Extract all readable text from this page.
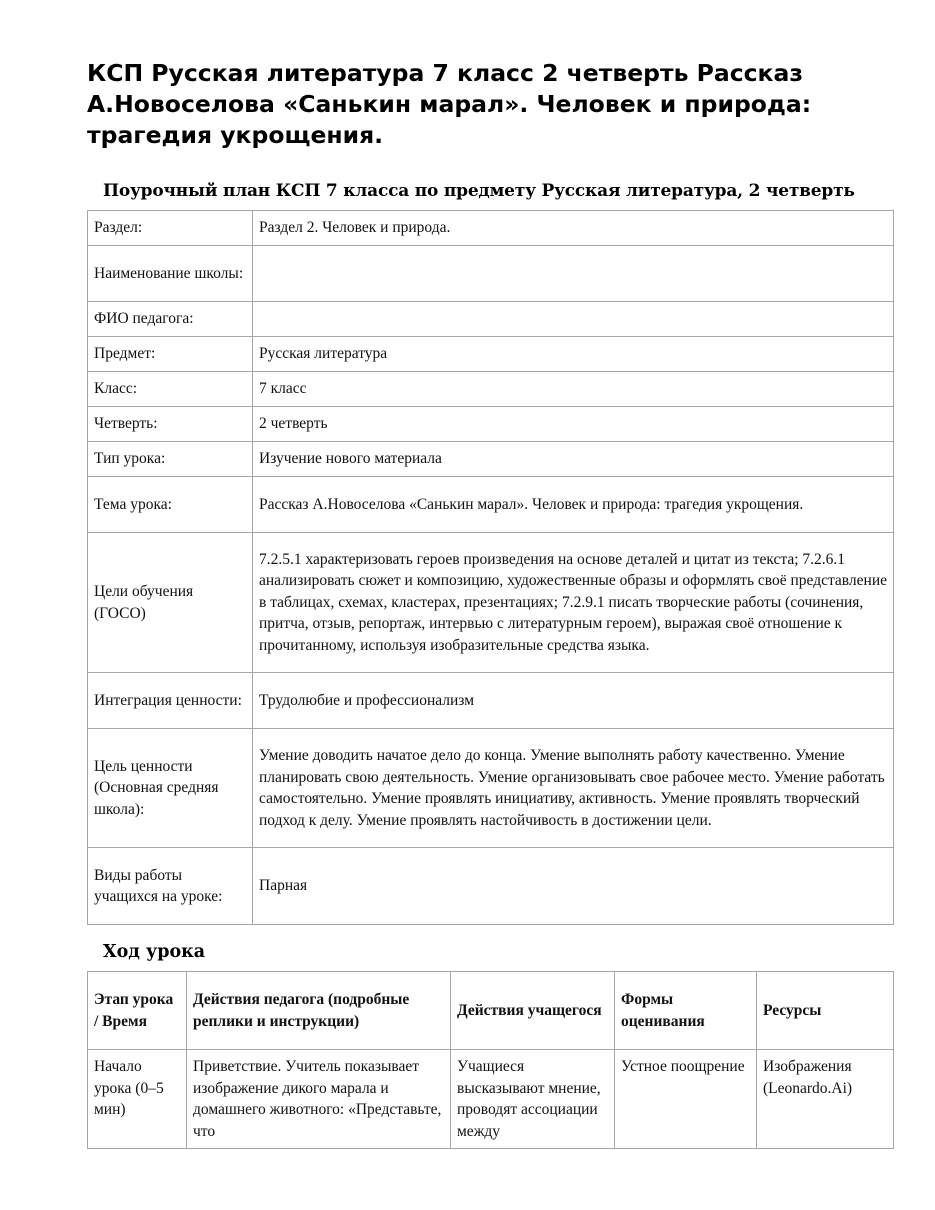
КСП Русская литература 7 класс 2 четверть Рассказ А.Новоселова «Санькин марал». Человек и природа: трагедия укрощения.
Поурочный план КСП 7 класса по предмету Русская литература, 2 четверть
Раздел:	Раздел 2. Человек и природа.
Наименование школы:	
ФИО педагога:	
Предмет:	Русская литература
Класс:	7 класс
Четверть:	2 четверть
Тип урока:	Изучение нового материала
Тема урока:	Рассказ А.Новоселова «Санькин марал». Человек и природа: трагедия укрощения.
Цели обучения (ГОСО)	7.2.5.1 характеризовать героев произведения на основе деталей и цитат из текста; 7.2.6.1 анализировать сюжет и композицию, художественные образы и оформлять своё представление в таблицах, схемах, кластерах, презентациях; 7.2.9.1 писать творческие работы (сочинения, притча, отзыв, репортаж, интервью с литературным героем), выражая своё отношение к прочитанному, используя изобразительные средства языка.
Интеграция ценности:	Трудолюбие и профессионализм
Цель ценности (Основная средняя школа):	Умение доводить начатое дело до конца. Умение выполнять работу качественно. Умение планировать свою деятельность. Умение организовывать свое рабочее место. Умение работать самостоятельно. Умение проявлять инициативу, активность. Умение проявлять творческий подход к делу. Умение проявлять настойчивость в достижении цели.
Виды работы учащихся на уроке:	Парная
Ход урока
Этап урока / Время	Действия педагога (подробные реплики и инструкции)	Действия учащегося	Формы оценивания	Ресурсы
Начало урока (0–5 мин)	Приветствие. Учитель показывает изображение дикого марала и домашнего животного: «Представьте, что	Учащиеся высказывают мнение, проводят ассоциации между	Устное поощрение	Изображения (Leonardo.Ai)
